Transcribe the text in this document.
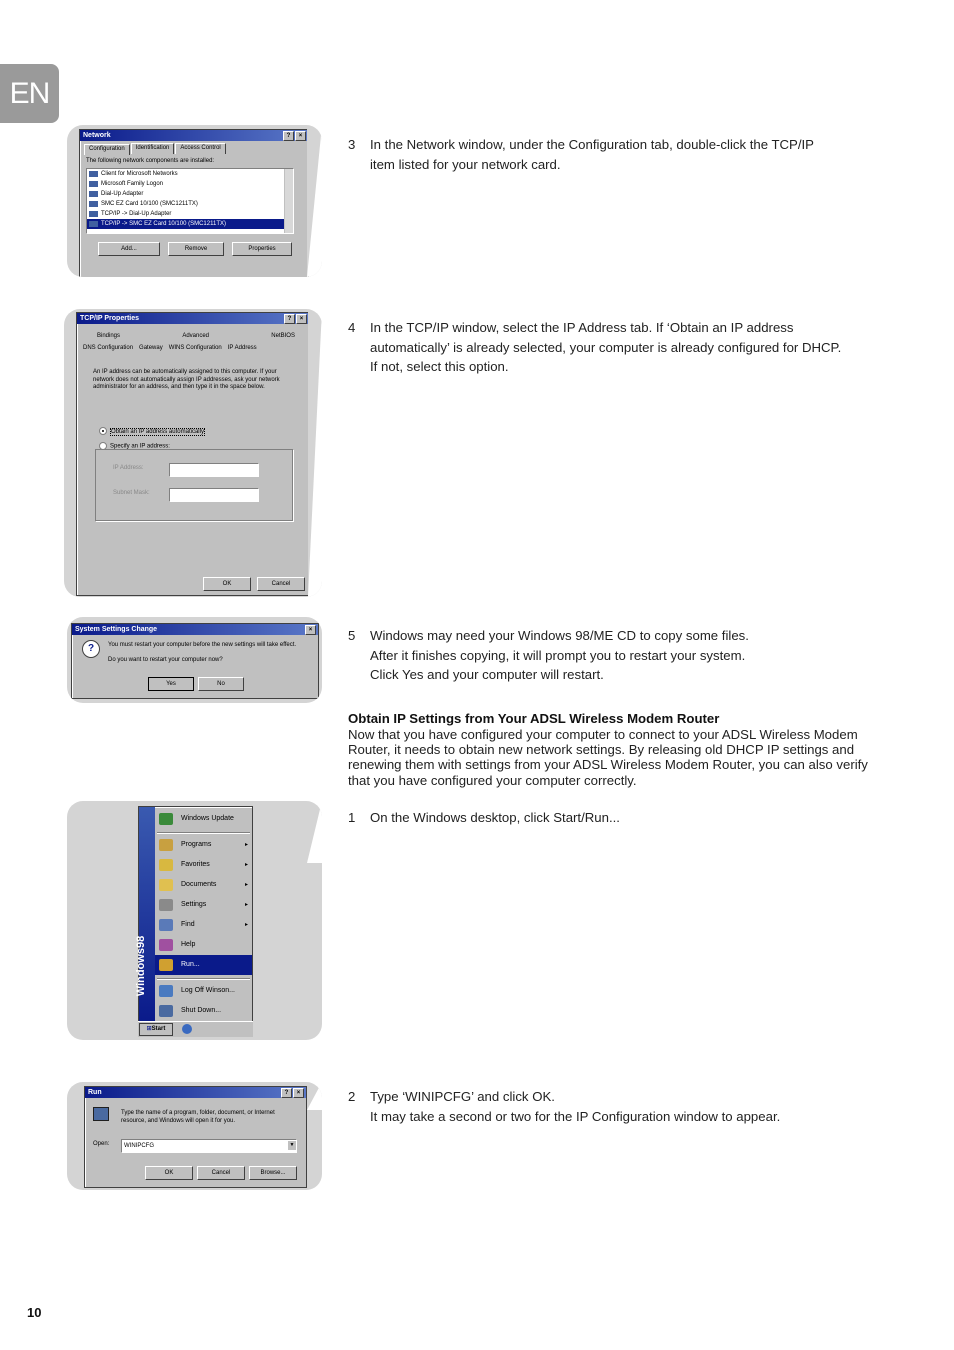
EN
Network	?	×
Configuration	Identification	Access Control
The following network components are installed:
Client for Microsoft Networks
Microsoft Family Logon
Dial-Up Adapter
SMC EZ Card 10/100 (SMC1211TX)
TCP/IP -> Dial-Up Adapter
TCP/IP -> SMC EZ Card 10/100 (SMC1211TX)
Add...	Remove	Properties
TCP/IP Properties	?	×
Bindings	Advanced	NetBIOS
DNS Configuration Gateway WINS Configuration IP Address
An IP address can be automatically assigned to this computer. If your network does not automatically assign IP addresses, ask your network administrator for an address, and then type it in the space below.
Obtain an IP address automatically
Specify an IP address:
IP Address:
Subnet Mask:
OK	Cancel
System Settings Change	×
?	You must restart your computer before the new settings will take effect.
Do you want to restart your computer now?
Yes	No
Windows98
Windows Update
Programs	▸
Favorites	▸
Documents	▸
Settings	▸
Find	▸
Help
Run...
Log Off Winson...
Shut Down...
⊞Start
Run	?	×
Type the name of a program, folder, document, or Internet resource, and Windows will open it for you.
Open:	WINIPCFG	▼
OK	Cancel	Browse...
3 In the Network window, under the Configuration tab, double-click the TCP/IP
item listed for your network card.
4 In the TCP/IP window, select the IP Address tab. If ‘Obtain an IP address
automatically’ is already selected, your computer is already configured for DHCP.
If not, select this option.
5 Windows may need your Windows 98/ME CD to copy some files.
After it finishes copying, it will prompt you to restart your system.
Click Yes and your computer will restart.
Obtain IP Settings from Your ADSL Wireless Modem Router
Now that you have configured your computer to connect to your ADSL Wireless Modem Router, it needs to obtain new network settings. By releasing old DHCP IP settings and renewing them with settings from your ADSL Wireless Modem Router, you can also verify that you have configured your computer correctly.
1 On the Windows desktop, click Start/Run...
2 Type ‘WINIPCFG’ and click OK.
It may take a second or two for the IP Configuration window to appear.
10
